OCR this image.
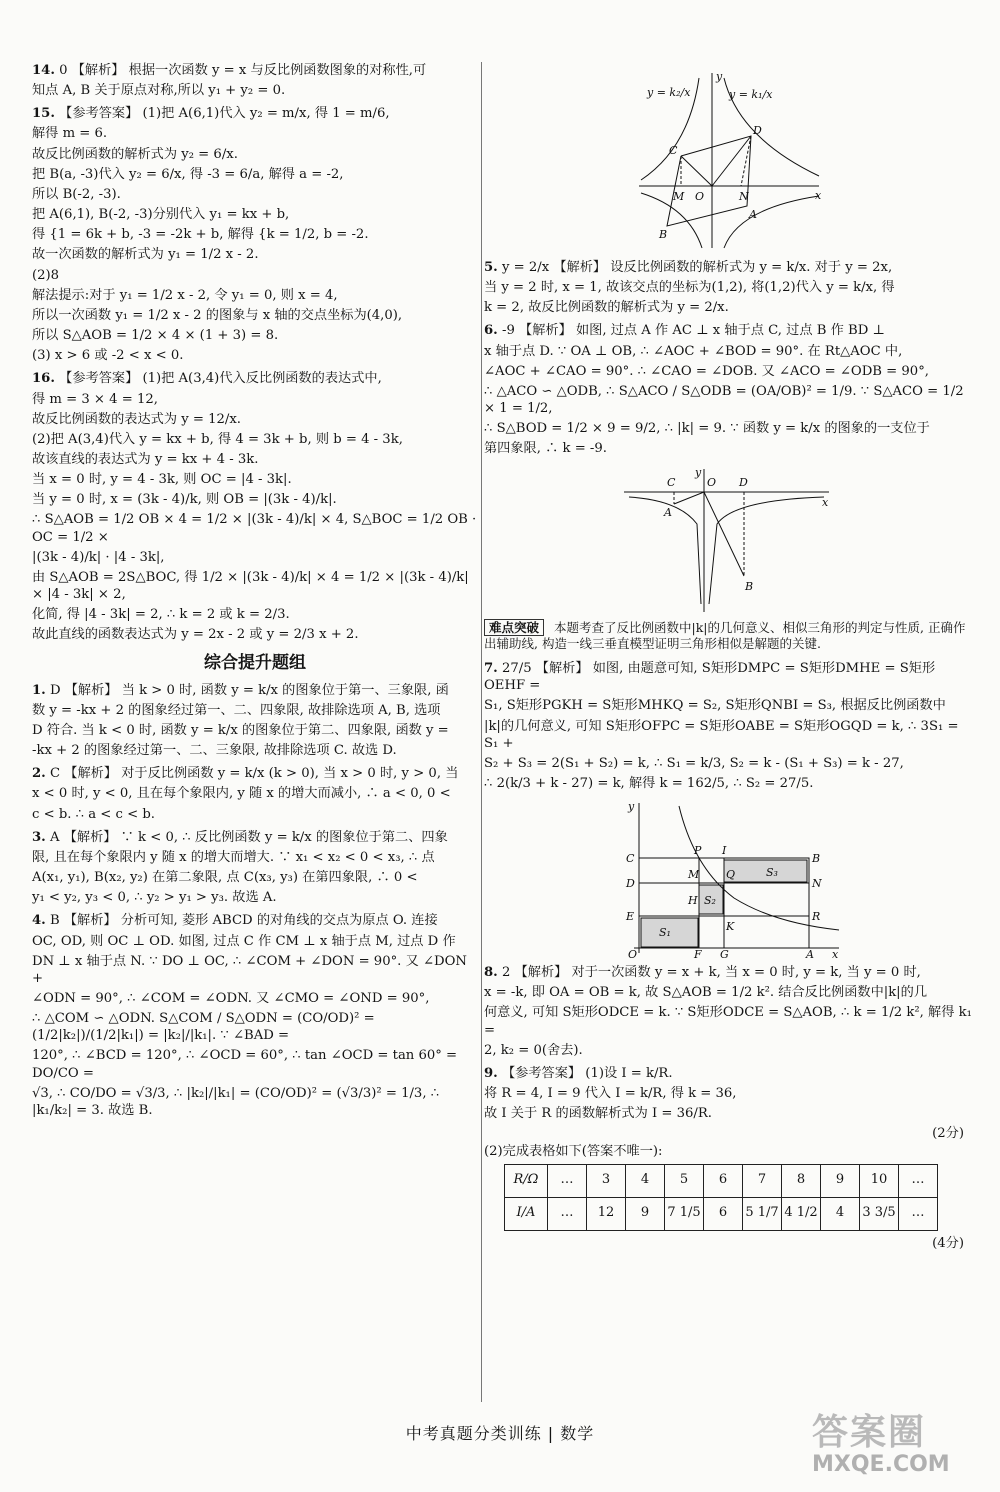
14. 0 【解析】 根据一次函数 y = x 与反比例函数图象的对称性,可
知点 A, B 关于原点对称,所以 y₁ + y₂ = 0.
15. 【参考答案】 (1)把 A(6,1)代入 y₂ = m/x, 得 1 = m/6,
解得 m = 6.
故反比例函数的解析式为 y₂ = 6/x.
把 B(a, -3)代入 y₂ = 6/x, 得 -3 = 6/a, 解得 a = -2,
所以 B(-2, -3).
把 A(6,1), B(-2, -3)分别代入 y₁ = kx + b,
得 {1 = 6k + b, -3 = -2k + b, 解得 {k = 1/2, b = -2.
故一次函数的解析式为 y₁ = 1/2 x - 2.
(2)8
解法提示:对于 y₁ = 1/2 x - 2, 令 y₁ = 0, 则 x = 4,
所以一次函数 y₁ = 1/2 x - 2 的图象与 x 轴的交点坐标为(4,0),
所以 S△AOB = 1/2 × 4 × (1 + 3) = 8.
(3) x > 6 或 -2 < x < 0.
16. 【参考答案】 (1)把 A(3,4)代入反比例函数的表达式中,
得 m = 3 × 4 = 12,
故反比例函数的表达式为 y = 12/x.
(2)把 A(3,4)代入 y = kx + b, 得 4 = 3k + b, 则 b = 4 - 3k,
故该直线的表达式为 y = kx + 4 - 3k.
当 x = 0 时, y = 4 - 3k, 则 OC = |4 - 3k|.
当 y = 0 时, x = (3k - 4)/k, 则 OB = |(3k - 4)/k|.
∴ S△AOB = 1/2 OB × 4 = 1/2 × |(3k - 4)/k| × 4, S△BOC = 1/2 OB · OC = 1/2 ×
|(3k - 4)/k| · |4 - 3k|,
由 S△AOB = 2S△BOC, 得 1/2 × |(3k - 4)/k| × 4 = 1/2 × |(3k - 4)/k| × |4 - 3k| × 2,
化简, 得 |4 - 3k| = 2, ∴ k = 2 或 k = 2/3.
故此直线的函数表达式为 y = 2x - 2 或 y = 2/3 x + 2.
综合提升题组
1. D 【解析】 当 k > 0 时, 函数 y = k/x 的图象位于第一、三象限, 函
数 y = -kx + 2 的图象经过第一、二、四象限, 故排除选项 A, B, 选项
D 符合. 当 k < 0 时, 函数 y = k/x 的图象位于第二、四象限, 函数 y =
-kx + 2 的图象经过第一、二、三象限, 故排除选项 C. 故选 D.
2. C 【解析】 对于反比例函数 y = k/x (k > 0), 当 x > 0 时, y > 0, 当
x < 0 时, y < 0, 且在每个象限内, y 随 x 的增大而减小, ∴ a < 0, 0 <
c < b. ∴ a < c < b.
3. A 【解析】 ∵ k < 0, ∴ 反比例函数 y = k/x 的图象位于第二、四象
限, 且在每个象限内 y 随 x 的增大而增大. ∵ x₁ < x₂ < 0 < x₃, ∴ 点
A(x₁, y₁), B(x₂, y₂) 在第二象限, 点 C(x₃, y₃) 在第四象限, ∴ 0 <
y₁ < y₂, y₃ < 0, ∴ y₂ > y₁ > y₃. 故选 A.
4. B 【解析】 分析可知, 菱形 ABCD 的对角线的交点为原点 O. 连接
OC, OD, 则 OC ⊥ OD. 如图, 过点 C 作 CM ⊥ x 轴于点 M, 过点 D 作
DN ⊥ x 轴于点 N. ∵ DO ⊥ OC, ∴ ∠COM + ∠DON = 90°. 又 ∠DON +
∠ODN = 90°, ∴ ∠COM = ∠ODN. 又 ∠CMO = ∠OND = 90°,
∴ △COM ∽ △ODN. S△COM / S△ODN = (CO/OD)² = (1/2|k₂|)/(1/2|k₁|) = |k₂|/|k₁|. ∵ ∠BAD =
120°, ∴ ∠BCD = 120°, ∴ ∠OCD = 60°, ∴ tan ∠OCD = tan 60° = DO/CO =
√3, ∴ CO/DO = √3/3, ∴ |k₂|/|k₁| = (CO/OD)² = (√3/3)² = 1/3, ∴ |k₁/k₂| = 3. 故选 B.
y = k₂/x	y = k₁/x
C
D
M O	N
A
B
x
y
5. y = 2/x 【解析】 设反比例函数的解析式为 y = k/x. 对于 y = 2x,
当 y = 2 时, x = 1, 故该交点的坐标为(1,2), 将(1,2)代入 y = k/x, 得
k = 2, 故反比例函数的解析式为 y = 2/x.
6. -9 【解析】 如图, 过点 A 作 AC ⊥ x 轴于点 C, 过点 B 作 BD ⊥
x 轴于点 D. ∵ OA ⊥ OB, ∴ ∠AOC + ∠BOD = 90°. 在 Rt△AOC 中,
∠AOC + ∠CAO = 90°. ∴ ∠CAO = ∠DOB. 又 ∠ACO = ∠ODB = 90°,
∴ △ACO ∽ △ODB, ∴ S△ACO / S△ODB = (OA/OB)² = 1/9. ∵ S△ACO = 1/2 × 1 = 1/2,
∴ S△BOD = 1/2 × 9 = 9/2, ∴ |k| = 9. ∵ 函数 y = k/x 的图象的一支位于
第四象限, ∴ k = -9.
C	O D
A
B
x
y
难点突破 本题考查了反比例函数中|k|的几何意义、相似三角形的判定与性质, 正确作出辅助线, 构造一线三垂直模型证明三角形相似是解题的关键.
7. 27/5 【解析】 如图, 由题意可知, S矩形DMPC = S矩形DMHE = S矩形OEHF =
S₁, S矩形PGKH = S矩形MHKQ = S₂, S矩形QNBI = S₃, 根据反比例函数中
|k|的几何意义, 可知 S矩形OFPC = S矩形OABE = S矩形OGQD = k, ∴ 3S₁ = S₁ +
S₂ + S₃ = 2(S₁ + S₂) = k, ∴ S₁ = k/3, S₂ = k - (S₁ + S₃) = k - 27,
∴ 2(k/3 + k - 27) = k, 解得 k = 162/5, ∴ S₂ = 27/5.
y
C
D
E
O
P I
B
M Q	S₃
N
H S₂
R
S₁	K
F G	A x
8. 2 【解析】 对于一次函数 y = x + k, 当 x = 0 时, y = k, 当 y = 0 时,
x = -k, 即 OA = OB = k, 故 S△AOB = 1/2 k². 结合反比例函数中|k|的几
何意义, 可知 S矩形ODCE = k. ∵ S矩形ODCE = S△AOB, ∴ k = 1/2 k², 解得 k₁ =
2, k₂ = 0(舍去).
9. 【参考答案】 (1)设 I = k/R.
将 R = 4, I = 9 代入 I = k/R, 得 k = 36,
故 I 关于 R 的函数解析式为 I = 36/R.
(2分)
(2)完成表格如下(答案不唯一):
R/Ω	…	3	4	5	6	7	8	9	10	…
I/A	…	12	9	7 1/5	6	5 1/7	4 1/2	4	3 3/5	…
(4分)
中考真题分类训练 | 数学	答案圈
MXQE.COM
